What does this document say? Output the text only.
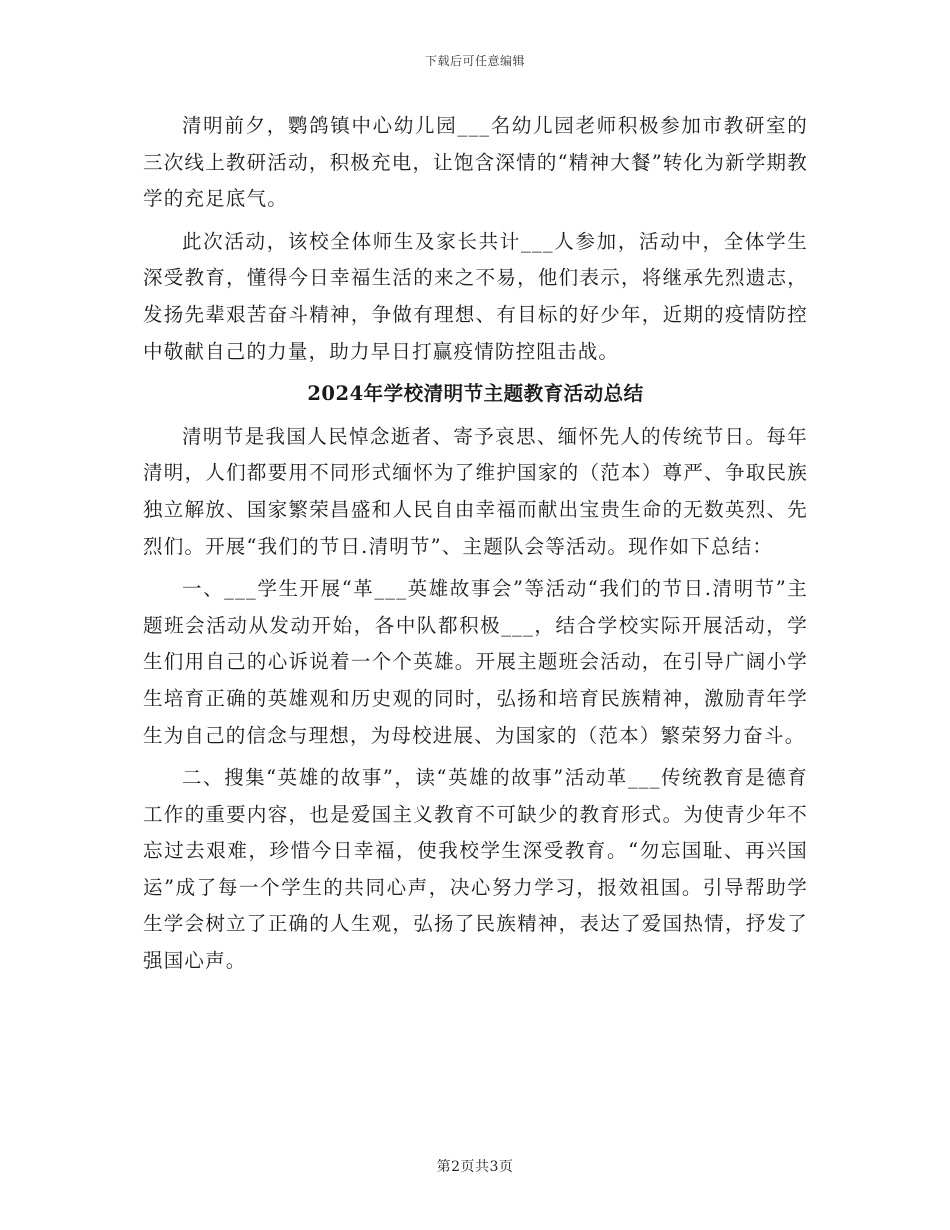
下载后可任意编辑

清明前夕，鹦鸽镇中心幼儿园___名幼儿园老师积极参加市教研室的三次线上教研活动，积极充电，让饱含深情的“精神大餐”转化为新学期教学的充足底气。

此次活动，该校全体师生及家长共计___人参加，活动中，全体学生深受教育，懂得今日幸福生活的来之不易，他们表示，将继承先烈遗志，发扬先辈艰苦奋斗精神，争做有理想、有目标的好少年，近期的疫情防控中敬献自己的力量，助力早日打赢疫情防控阻击战。

2024年学校清明节主题教育活动总结

清明节是我国人民悼念逝者、寄予哀思、缅怀先人的传统节日。每年清明，人们都要用不同形式缅怀为了维护国家的（范本）尊严、争取民族独立解放、国家繁荣昌盛和人民自由幸福而献出宝贵生命的无数英烈、先烈们。开展“我们的节日.清明节”、主题队会等活动。现作如下总结：

一、___学生开展“革___英雄故事会”等活动“我们的节日.清明节”主题班会活动从发动开始，各中队都积极___，结合学校实际开展活动，学生们用自己的心诉说着一个个英雄。开展主题班会活动，在引导广阔小学生培育正确的英雄观和历史观的同时，弘扬和培育民族精神，激励青年学生为自己的信念与理想，为母校进展、为国家的（范本）繁荣努力奋斗。

二、搜集“英雄的故事”，读“英雄的故事”活动革___传统教育是德育工作的重要内容，也是爱国主义教育不可缺少的教育形式。为使青少年不忘过去艰难，珍惜今日幸福，使我校学生深受教育。“勿忘国耻、再兴国运”成了每一个学生的共同心声，决心努力学习，报效祖国。引导帮助学生学会树立了正确的人生观，弘扬了民族精神，表达了爱国热情，抒发了强国心声。

第2页共3页
